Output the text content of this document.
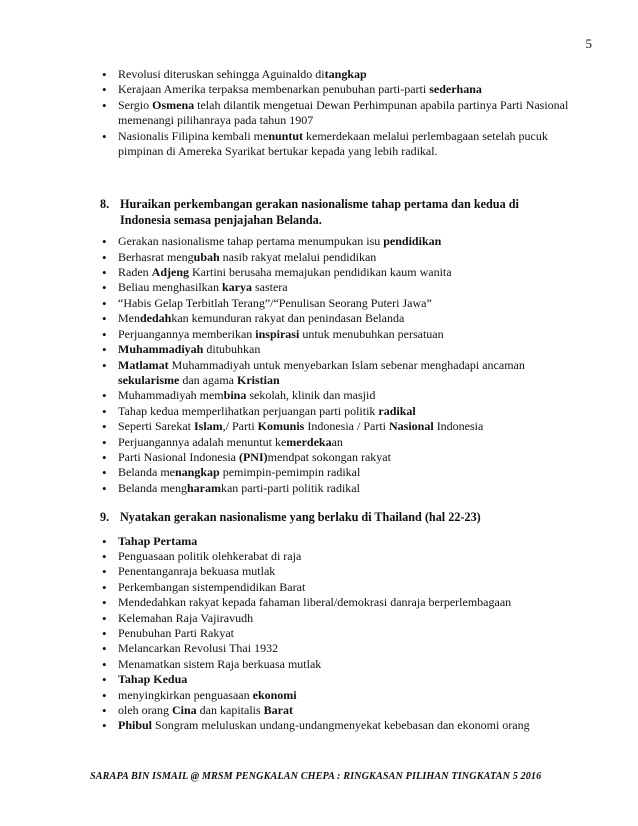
5
• Revolusi diteruskan sehingga Aguinaldo ditangkap
• Kerajaan Amerika terpaksa membenarkan penubuhan parti-parti sederhana
• Sergio Osmena telah dilantik mengetuai Dewan Perhimpunan apabila partinya Parti Nasional memenangi pilihanraya pada tahun 1907
• Nasionalis Filipina kembali menuntut kemerdekaan melalui perlembagaan setelah pucuk pimpinan di Amereka Syarikat bertukar kepada yang lebih radikal.
8. Huraikan perkembangan gerakan nasionalisme tahap pertama dan kedua di Indonesia semasa penjajahan Belanda.
• Gerakan nasionalisme tahap pertama menumpukan isu pendidikan
• Berhasrat mengubah nasib rakyat melalui pendidikan
• Raden Adjeng Kartini berusaha memajukan pendidikan kaum wanita
• Beliau menghasilkan karya sastera
• “Habis Gelap Terbitlah Terang”/“Penulisan Seorang Puteri Jawa”
• Mendedahkan kemunduran rakyat dan penindasan Belanda
• Perjuangannya memberikan inspirasi untuk menubuhkan persatuan
• Muhammadiyah ditubuhkan
• Matlamat Muhammadiyah untuk menyebarkan Islam sebenar menghadapi ancaman sekularisme dan agama Kristian
• Muhammadiyah membina sekolah, klinik dan masjid
• Tahap kedua memperlihatkan perjuangan parti politik radikal
• Seperti Sarekat Islam,/ Parti Komunis Indonesia / Parti Nasional Indonesia
• Perjuangannya adalah menuntut kemerdekaan
• Parti Nasional Indonesia (PNI)mendpat sokongan rakyat
• Belanda menangkap pemimpin-pemimpin radikal
• Belanda mengharamkan parti-parti politik radikal
9. Nyatakan gerakan nasionalisme yang berlaku di Thailand (hal 22-23)
• Tahap Pertama
• Penguasaan politik olehkerabat di raja
• Penentanganraja bekuasa mutlak
• Perkembangan sistempendidikan Barat
• Mendedahkan rakyat kepada fahaman liberal/demokrasi danraja berperlembagaan
• Kelemahan Raja Vajiravudh
• Penubuhan Parti Rakyat
• Melancarkan Revolusi Thai 1932
• Menamatkan sistem Raja berkuasa mutlak
• Tahap Kedua
• menyingkirkan penguasaan ekonomi
• oleh orang Cina dan kapitalis Barat
• Phibul Songram meluluskan undang-undangmenyekat kebebasan dan ekonomi orang
SARAPA BIN ISMAIL @ MRSM PENGKALAN CHEPA : RINGKASAN PILIHAN TINGKATAN 5 2016
